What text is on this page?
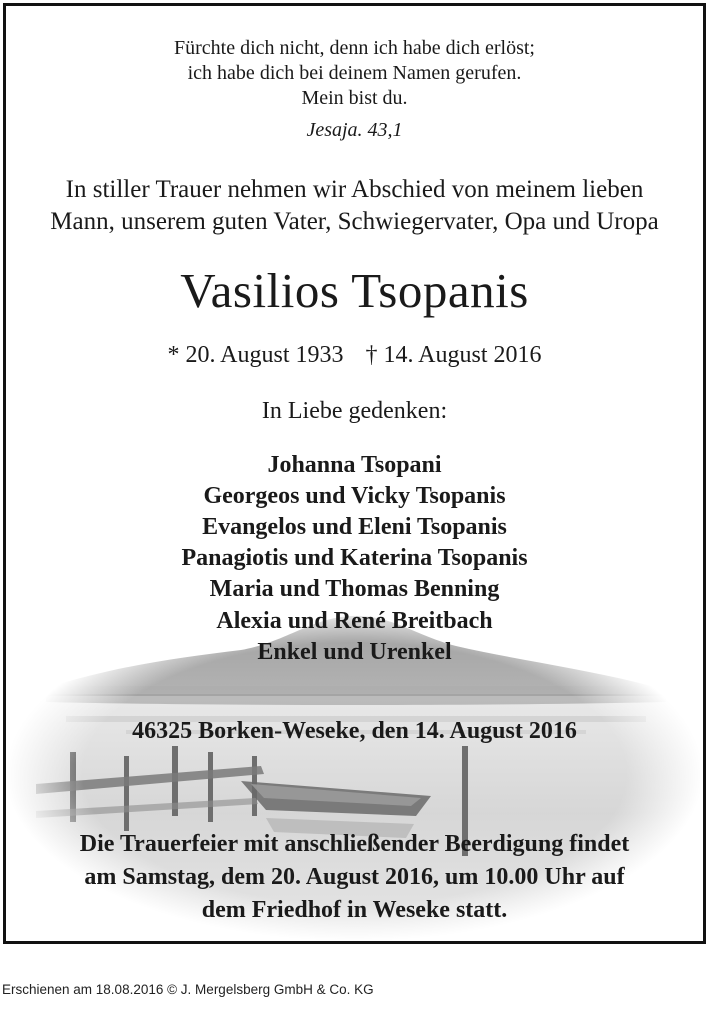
Fürchte dich nicht, denn ich habe dich erlöst;
ich habe dich bei deinem Namen gerufen.
Mein bist du.
Jesaja. 43,1
In stiller Trauer nehmen wir Abschied von meinem lieben
Mann, unserem guten Vater, Schwiegervater, Opa und Uropa
Vasilios Tsopanis
* 20. August 1933 † 14. August 2016
In Liebe gedenken:
Johanna Tsopani
Georgeos und Vicky Tsopanis
Evangelos und Eleni Tsopanis
Panagiotis und Katerina Tsopanis
Maria und Thomas Benning
Alexia und René Breitbach
Enkel und Urenkel
46325 Borken-Weseke, den 14. August 2016
Die Trauerfeier mit anschließender Beerdigung findet
am Samstag, dem 20. August 2016, um 10.00 Uhr auf
dem Friedhof in Weseke statt.
Erschienen am 18.08.2016 © J. Mergelsberg GmbH & Co. KG
